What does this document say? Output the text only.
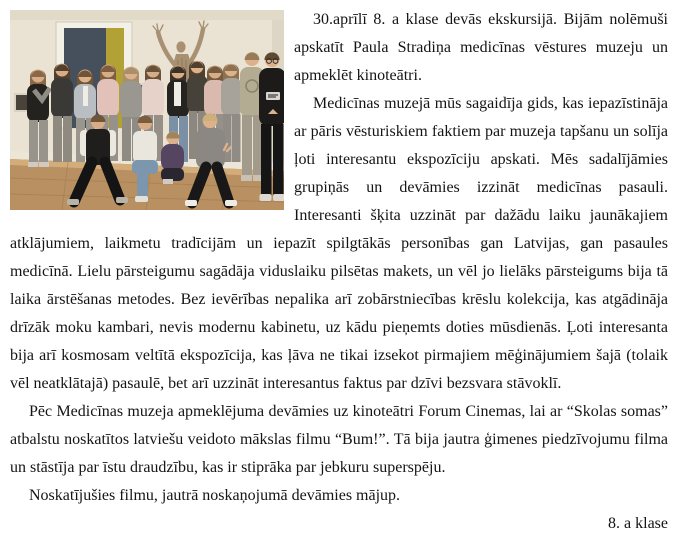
30.aprīlī 8. a klase devās ekskursijā. Bijām nolēmuši apskatīt Paula Stradiņa medicīnas vēstures muzeju un apmeklēt kinoteātri.

Medicīnas muzejā mūs sagaidīja gids, kas iepazīstināja ar pāris vēsturiskiem faktiem par muzeja tapšanu un solīja ļoti interesantu ekspozīciju apskati. Mēs sadalījāmies grupiņās un devāmies izzināt medicīnas pasauli. Interesanti šķita uzzināt par dažādu laiku jaunākajiem atklājumiem, laikmetu tradīcijām un iepazīt spilgtākās personības gan Latvijas, gan pasaules medicīnā. Lielu pārsteigumu sagādāja viduslaiku pilsētas makets, un vēl jo lielāks pārsteigums bija tā laika ārstēšanas metodes. Bez ievērības nepalika arī zobārstniecības krēslu kolekcija, kas atgādināja drīzāk moku kambari, nevis modernu kabinetu, uz kādu pieņemts doties mūsdienās. Ļoti interesanta bija arī kosmosam veltītā ekspozīcija, kas ļāva ne tikai izsekot pirmajiem mēģinājumiem šajā (tolaik vēl neatklātajā) pasaulē, bet arī uzzināt interesantus faktus par dzīvi bezsvara stāvoklī.

Pēc Medicīnas muzeja apmeklējuma devāmies uz kinoteātri Forum Cinemas, lai ar “Skolas somas” atbalstu noskatītos latviešu veidoto mākslas filmu “Bum!”. Tā bija jautra ģimenes piedzīvojumu filma un stāstīja par īstu draudzību, kas ir stiprāka par jebkuru superspēju.

Noskatījušies filmu, jautrā noskaņojumā devāmies mājup.

8. a klase
